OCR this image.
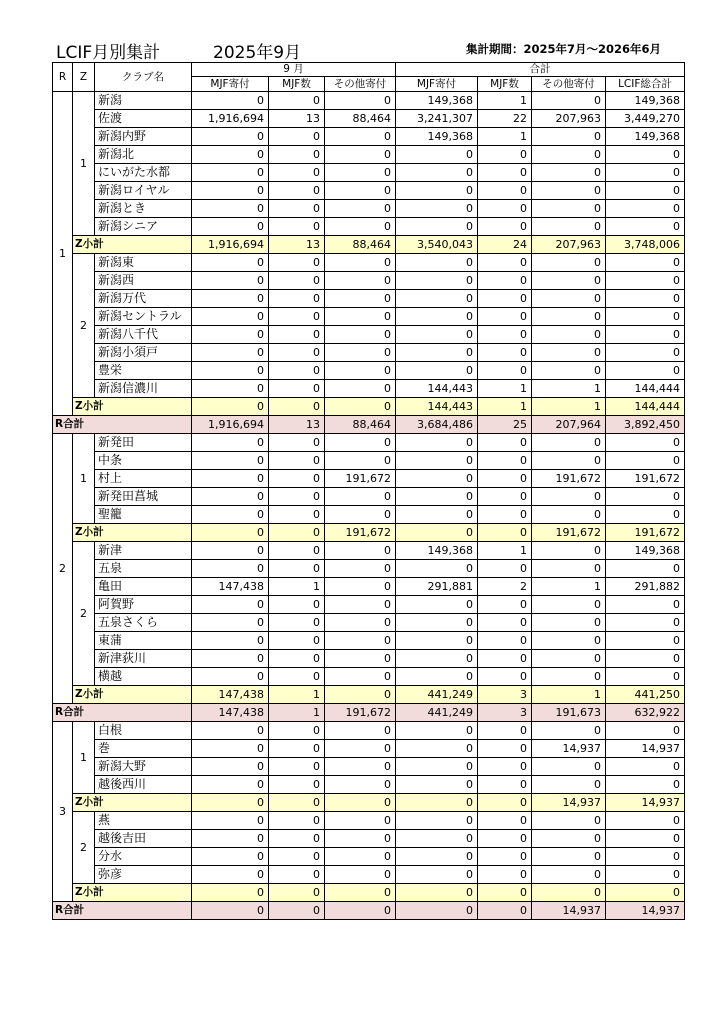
LCIF月別集計	2025年9月	集計期間：2025年7月～2026年6月
R	Z	クラブ名	9 月			合計			
			MJF寄付	MJF数	その他寄付	MJF寄付	MJF数	その他寄付	LCIF総合計
1	1	新潟	0	0	0	149,368	1	0	149,368
		佐渡	1,916,694	13	88,464	3,241,307	22	207,963	3,449,270
		新潟内野	0	0	0	149,368	1	0	149,368
		新潟北	0	0	0	0	0	0	0
		にいがた水都	0	0	0	0	0	0	0
		新潟ロイヤル	0	0	0	0	0	0	0
		新潟とき	0	0	0	0	0	0	0
		新潟シニア	0	0	0	0	0	0	0
	Z小計		1,916,694	13	88,464	3,540,043	24	207,963	3,748,006
	2	新潟東	0	0	0	0	0	0	0
		新潟西	0	0	0	0	0	0	0
		新潟万代	0	0	0	0	0	0	0
		新潟セントラル	0	0	0	0	0	0	0
		新潟八千代	0	0	0	0	0	0	0
		新潟小須戸	0	0	0	0	0	0	0
		豊栄	0	0	0	0	0	0	0
		新潟信濃川	0	0	0	144,443	1	1	144,444
	Z小計		0	0	0	144,443	1	1	144,444
R合計			1,916,694	13	88,464	3,684,486	25	207,964	3,892,450
2	1	新発田	0	0	0	0	0	0	0
		中条	0	0	0	0	0	0	0
		村上	0	0	191,672	0	0	191,672	191,672
		新発田菖城	0	0	0	0	0	0	0
		聖籠	0	0	0	0	0	0	0
	Z小計		0	0	191,672	0	0	191,672	191,672
	2	新津	0	0	0	149,368	1	0	149,368
		五泉	0	0	0	0	0	0	0
		亀田	147,438	1	0	291,881	2	1	291,882
		阿賀野	0	0	0	0	0	0	0
		五泉さくら	0	0	0	0	0	0	0
		東蒲	0	0	0	0	0	0	0
		新津荻川	0	0	0	0	0	0	0
		横越	0	0	0	0	0	0	0
	Z小計		147,438	1	0	441,249	3	1	441,250
R合計			147,438	1	191,672	441,249	3	191,673	632,922
3	1	白根	0	0	0	0	0	0	0
		巻	0	0	0	0	0	14,937	14,937
		新潟大野	0	0	0	0	0	0	0
		越後西川	0	0	0	0	0	0	0
	Z小計		0	0	0	0	0	14,937	14,937
	2	燕	0	0	0	0	0	0	0
		越後吉田	0	0	0	0	0	0	0
		分水	0	0	0	0	0	0	0
		弥彦	0	0	0	0	0	0	0
	Z小計		0	0	0	0	0	0	0
R合計			0	0	0	0	0	14,937	14,937
